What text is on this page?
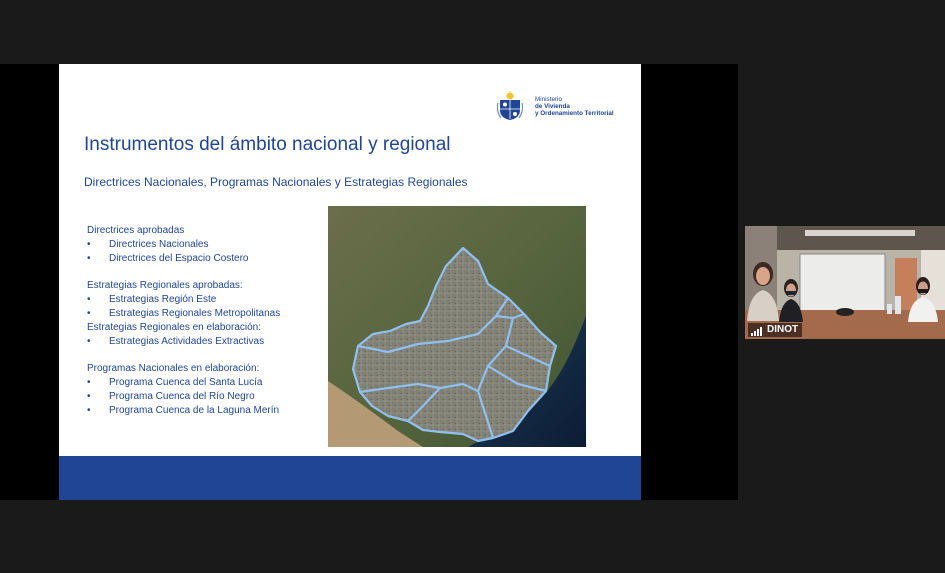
Ministerio
de Vivienda
y Ordenamiento Territorial
Instrumentos del ámbito nacional y regional
Directrices Nacionales, Programas Nacionales y Estrategias Regionales
Directrices aprobadas
• Directrices Nacionales
• Directrices del Espacio Costero
Estrategias Regionales aprobadas:
• Estrategias Región Este
• Estrategias Regionales Metropolitanas
Estrategias Regionales en elaboración:
• Estrategias Actividades Extractivas
Programas Nacionales en elaboración:
• Programa Cuenca del Santa Lucía
• Programa Cuenca del Río Negro
• Programa Cuenca de la Laguna Merín
DINOT
